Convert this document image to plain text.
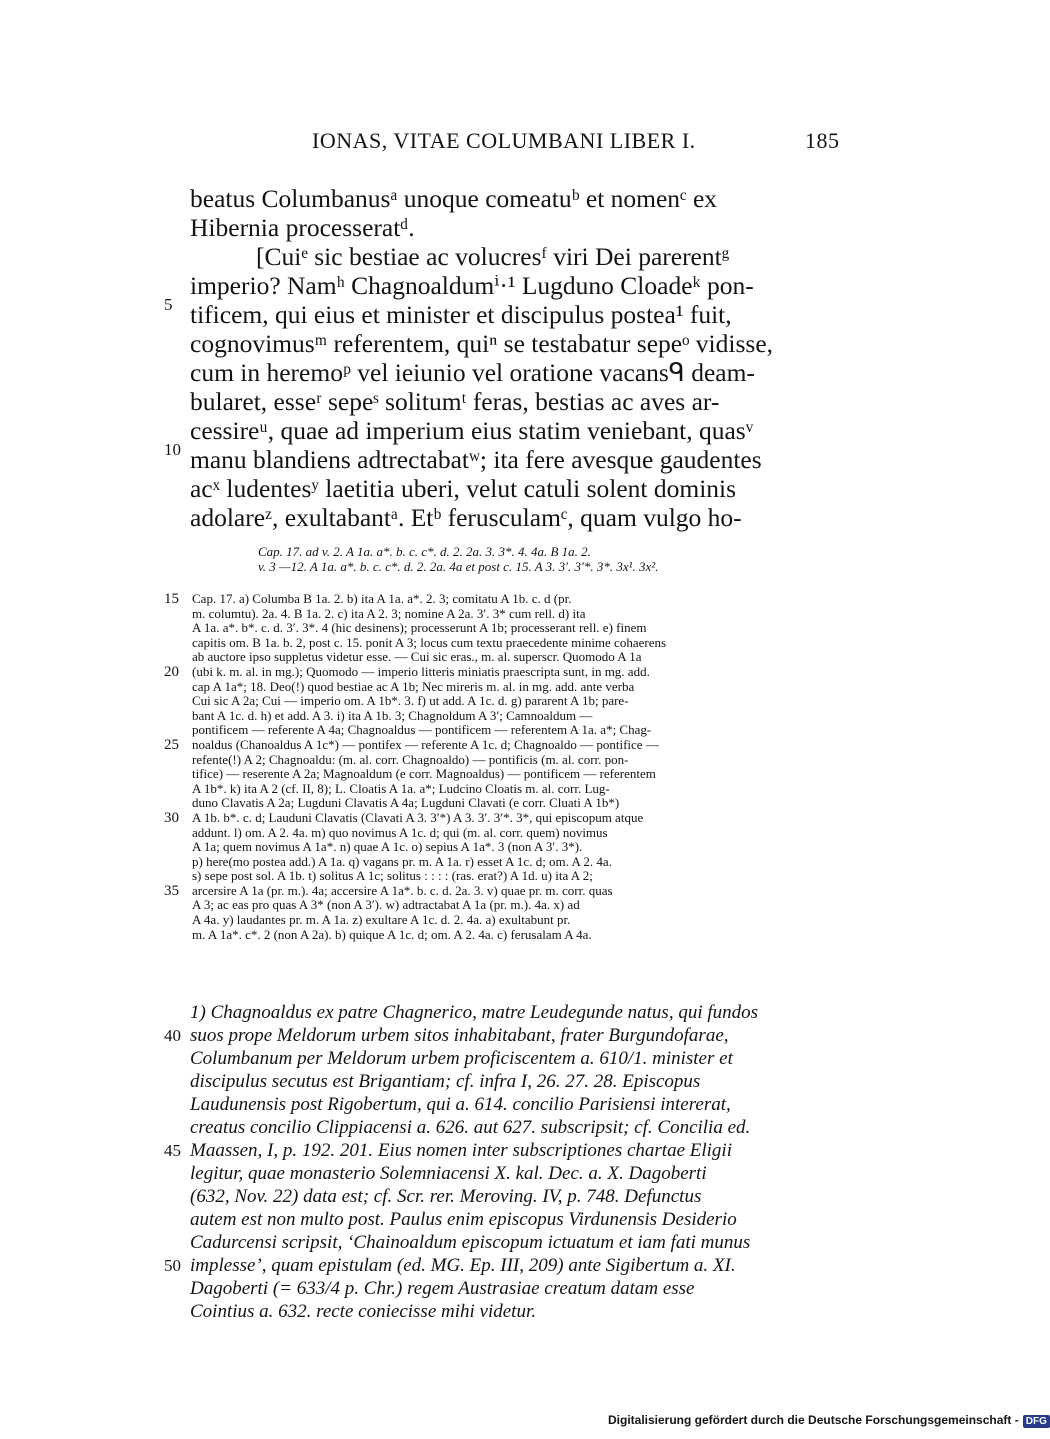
IONAS, VITAE COLUMBANI LIBER I.	185
beatus Columbanusᵃ unoque comeatuᵇ et nomenᶜ ex
Hibernia processeratᵈ.
[Cuiᵉ sic bestiae ac volucresᶠ viri Dei parerentᵍ
imperio? Namʰ Chagnoaldumⁱ·¹ Lugduno Cloadeᵏ pon-
tificem, qui eius et minister et discipulus postea¹ fuit,
cognovimusᵐ referentem, quiⁿ se testabatur sepeᵒ vidisse,
cum in heremoᵖ vel ieiunio vel oratione vacansᑫ deam-
bularet, esseʳ sepeˢ solitumᵗ feras, bestias ac aves ar-
cessireᵘ, quae ad imperium eius statim veniebant, quasᵛ
manu blandiens adtrectabatʷ; ita fere avesque gaudentes
acˣ ludentesʸ laetitia uberi, velut catuli solent dominis
adolareᶻ, exultabantᵃ. Etᵇ ferusculamᶜ, quam vulgo ho-
5
10
Cap. 17. ad v. 2. A 1a. a*. b. c. c*. d. 2. 2a. 3. 3*. 4. 4a. B 1a. 2.
v. 3 —12. A 1a. a*. b. c. c*. d. 2. 2a. 4a et post c. 15. A 3. 3′. 3′*. 3*. 3x¹. 3x².
Cap. 17. a) Columba B 1a. 2. b) ita A 1a. a*. 2. 3; comitatu A 1b. c. d (pr.
m. columtu). 2a. 4. B 1a. 2. c) ita A 2. 3; nomine A 2a. 3′. 3* cum rell. d) ita
A 1a. a*. b*. c. d. 3′. 3*. 4 (hic desinens); processerunt A 1b; processerant rell. e) finem
capitis om. B 1a. b. 2, post c. 15. ponit A 3; locus cum textu praecedente minime cohaerens
ab auctore ipso suppletus videtur esse. — Cui sic eras., m. al. superscr. Quomodo A 1a
(ubi k. m. al. in mg.); Quomodo — imperio litteris miniatis praescripta sunt, in mg. add.
cap A 1a*; 18. Deo(!) quod bestiae ac A 1b; Nec mireris m. al. in mg. add. ante verba
Cui sic A 2a; Cui — imperio om. A 1b*. 3. f) ut add. A 1c. d. g) pararent A 1b; pare-
bant A 1c. d. h) et add. A 3. i) ita A 1b. 3; Chagnoldum A 3′; Camnoaldum —
pontificem — referente A 4a; Chagnoaldus — pontificem — referentem A 1a. a*; Chag-
noaldus (Chanoaldus A 1c*) — pontifex — referente A 1c. d; Chagnoaldo — pontifice —
refente(!) A 2; Chagnoaldu: (m. al. corr. Chagnoaldo) — pontificis (m. al. corr. pon-
tifice) — reserente A 2a; Magnoaldum (e corr. Magnoaldus) — pontificem — referentem
A 1b*. k) ita A 2 (cf. II, 8); L. Cloatis A 1a. a*; Ludcino Cloatis m. al. corr. Lug-
duno Clavatis A 2a; Lugduni Clavatis A 4a; Lugduni Clavati (e corr. Cluati A 1b*)
A 1b. b*. c. d; Lauduni Clavatis (Clavati A 3. 3′*) A 3. 3′. 3′*. 3*, qui episcopum atque
addunt. l) om. A 2. 4a. m) quo novimus A 1c. d; qui (m. al. corr. quem) novimus
A 1a; quem novimus A 1a*. n) quae A 1c. o) sepius A 1a*. 3 (non A 3′. 3*).
p) here(mo postea add.) A 1a. q) vagans pr. m. A 1a. r) esset A 1c. d; om. A 2. 4a.
s) sepe post sol. A 1b. t) solitus A 1c; solitus : : : : (ras. erat?) A 1d. u) ita A 2;
arcersire A 1a (pr. m.). 4a; accersire A 1a*. b. c. d. 2a. 3. v) quae pr. m. corr. quas
A 3; ac eas pro quas A 3* (non A 3′). w) adtractabat A 1a (pr. m.). 4a. x) ad
A 4a. y) laudantes pr. m. A 1a. z) exultare A 1c. d. 2. 4a. a) exultabunt pr.
m. A 1a*. c*. 2 (non A 2a). b) quique A 1c. d; om. A 2. 4a. c) ferusalam A 4a.
15
20
25
30
35
1) Chagnoaldus ex patre Chagnerico, matre Leudegunde natus, qui fundos
suos prope Meldorum urbem sitos inhabitabant, frater Burgundofarae,
Columbanum per Meldorum urbem proficiscentem a. 610/1. minister et
discipulus secutus est Brigantiam; cf. infra I, 26. 27. 28. Episcopus
Laudunensis post Rigobertum, qui a. 614. concilio Parisiensi intererat,
creatus concilio Clippiacensi a. 626. aut 627. subscripsit; cf. Concilia ed.
Maassen, I, p. 192. 201. Eius nomen inter subscriptiones chartae Eligii
legitur, quae monasterio Solemniacensi X. kal. Dec. a. X. Dagoberti
(632, Nov. 22) data est; cf. Scr. rer. Meroving. IV, p. 748. Defunctus
autem est non multo post. Paulus enim episcopus Virdunensis Desiderio
Cadurcensi scripsit, ‘Chainoaldum episcopum ictuatum et iam fati munus
implesse’, quam epistulam (ed. MG. Ep. III, 209) ante Sigibertum a. XI.
Dagoberti (= 633/4 p. Chr.) regem Austrasiae creatum datam esse
Cointius a. 632. recte coniecisse mihi videtur.
40
45
50
Digitalisierung gefördert durch die Deutsche Forschungsgemeinschaft - DFG
